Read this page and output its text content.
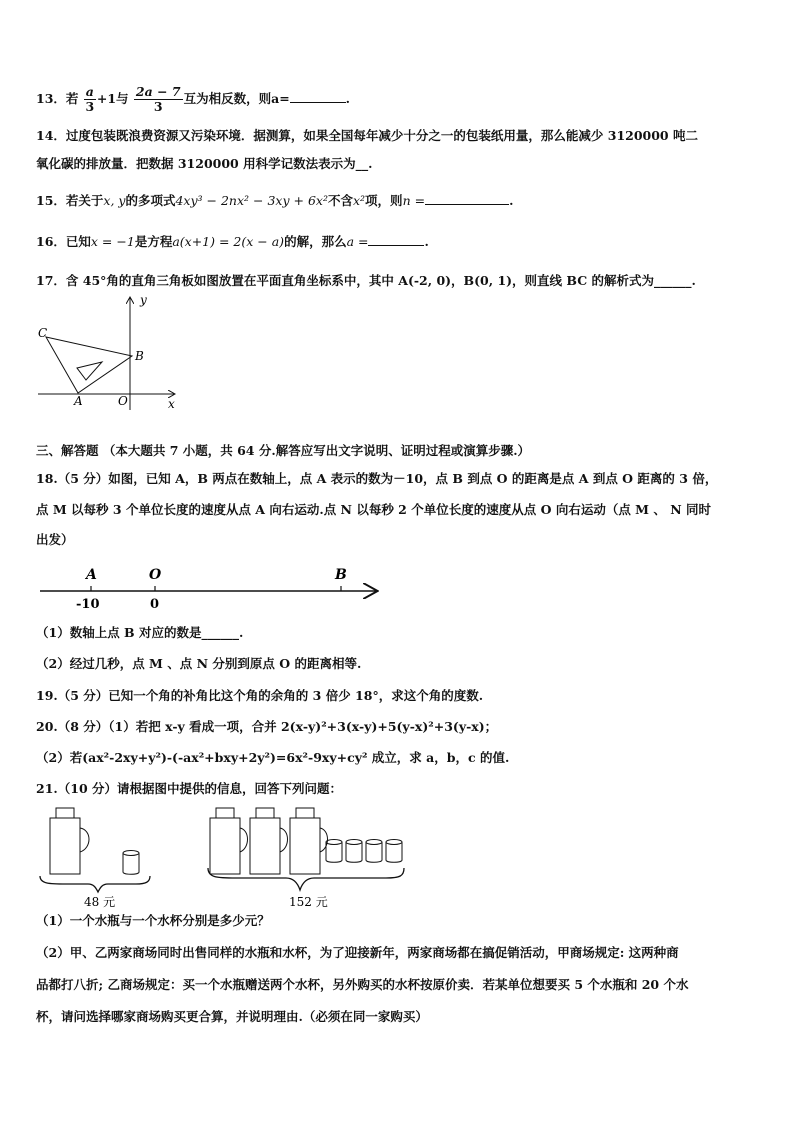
13．若 $\frac{a}{3} +1$与 $\frac{2a - 7}{3}$ 互为相反数，则a=	.
14．过度包装既浪费资源又污染环境．据测算，如果全国每年减少十分之一的包装纸用量，那么能减少 3120000 吨二
氧化碳的排放量．把数据 3120000 用科学记数法表示为__.
15．若关于x, y的多项式4xy³ − 2nx² − 3xy + 6x²不含x²项，则n =	.
16．已知x = −1是方程a(x+1) = 2(x − a)的解，那么a =	.
17．含 45°角的直角三角板如图放置在平面直角坐标系中，其中 A(-2, 0)，B(0, 1)，则直线 BC 的解析式为______.
y
C
B
A	O	x
三、解答题 （本大题共 7 小题，共 64 分.解答应写出文字说明、证明过程或演算步骤.）
18.（5 分）如图，已知 A，B 两点在数轴上，点 A 表示的数为－10，点 B 到点 O 的距离是点 A 到点 O 距离的 3 倍，
点 M 以每秒 3 个单位长度的速度从点 A 向右运动.点 N 以每秒 2 个单位长度的速度从点 O 向右运动（点 M 、 N 同时
出发）
A	O	B
-10	0
（1）数轴上点 B 对应的数是______.
（2）经过几秒，点 M 、点 N 分别到原点 O 的距离相等.
19.（5 分）已知一个角的补角比这个角的余角的 3 倍少 18°，求这个角的度数.
20.（8 分）（1）若把 x-y 看成一项，合并 2(x-y)²+3(x-y)+5(y-x)²+3(y-x)；
（2）若(ax²-2xy+y²)-(-ax²+bxy+2y²)=6x²-9xy+cy² 成立，求 a，b，c 的值.
21.（10 分）请根据图中提供的信息，回答下列问题：
48 元	152 元
（1）一个水瓶与一个水杯分别是多少元？
（2）甲、乙两家商场同时出售同样的水瓶和水杯，为了迎接新年，两家商场都在搞促销活动，甲商场规定: 这两种商
品都打八折; 乙商场规定：买一个水瓶赠送两个水杯，另外购买的水杯按原价卖．若某单位想要买 5 个水瓶和 20 个水
杯，请问选择哪家商场购买更合算，并说明理由.（必须在同一家购买）
